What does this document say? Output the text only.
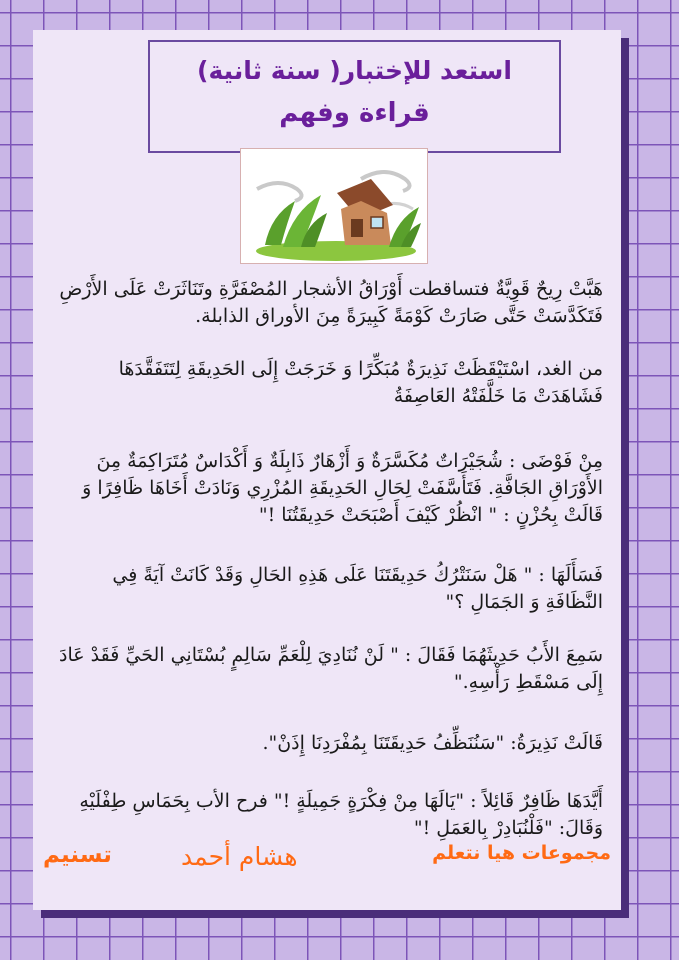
استعد للإختبار( سنة ثانية)
قراءة وفهم
هَبَّتْ رِيحٌ قَوِيَّةٌ فتساقطت أَوْرَاقُ الأشجار المُصْفَرَّةِ وتَنَاثَرَتْ عَلَى الأَرْضِ فَتَكَدَّسَتْ حَتَّى صَارَتْ كَوْمَةً كَبِيرَةً مِنَ الأوراق الذابلة.
من الغد، اسْتَيْقَظَتْ نَذِيرَةٌ مُبَكِّرًا وَ خَرَجَتْ إِلَى الحَدِيقَةِ لِتَتَفَقَّدَهَا فَشَاهَدَتْ مَا خَلَّفَتْهُ العَاصِفَةُ
مِنْ فَوْضَى : شُجَيْرَاتٌ مُكَسَّرَةٌ وَ أَزْهَارٌ ذَابِلَةٌ وَ أَكْدَاسٌ مُتَرَاكِمَةٌ مِنَ الأَوْرَاقِ الجَافَّةِ. فَتَأَسَّفَتْ لِحَالِ الحَدِيقَةِ المُزْرِي وَنَادَتْ أَخَاهَا ظَافِرًا وَ قَالَتْ بِحُزْنٍ : " انْظُرْ كَيْفَ أَصْبَحَتْ حَدِيقَتُنَا !"
فَسَأَلَهَا : " هَلْ سَنَتْرُكُ حَدِيقَتَنَا عَلَى هَذِهِ الحَالِ وَقَدْ كَانَتْ آيَةً فِي النَّظَافَةِ وَ الجَمَالِ ؟"
سَمِعَ الأَبُ حَدِيثَهُمَا فَقَالَ : " لَنْ نُنَادِيَ لِلْعَمِّ سَالِمٍ بُسْتَانِي الحَيِّ فَقَدْ عَادَ إِلَى مَسْقَطِ رَأْسِهِ."
قَالَتْ نَذِيرَةُ: "سَنُنَظِّفُ حَدِيقَتَنَا بِمُفْرَدِنَا إِذَنْ".
أَيَّدَهَا ظَافِرٌ قَائِلاً : "يَالَهَا مِنْ فِكْرَةٍ جَمِيلَةٍ !" فرح الأب بِحَمَاسِ طِفْلَيْهِ وَقَالَ: "فَلْنُبَادِرْ بِالعَمَلِ !"
مجموعات هيا نتعلم
هشام أحمد
تسنيم
